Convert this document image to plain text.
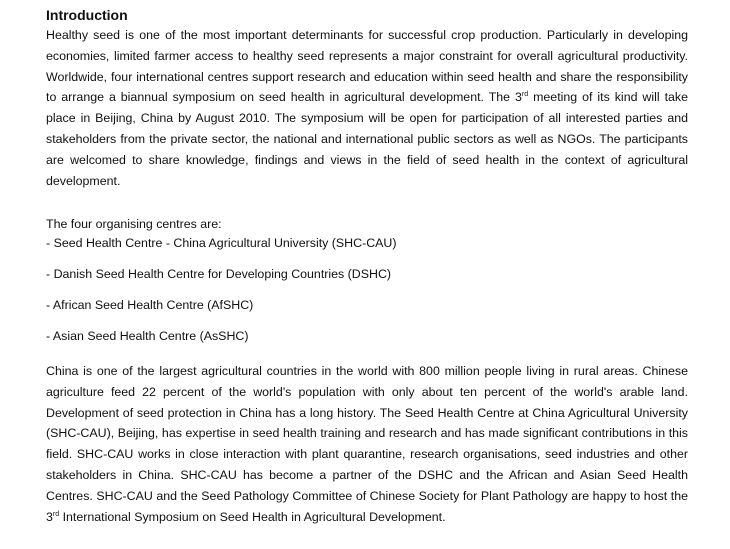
Introduction

Healthy seed is one of the most important determinants for successful crop production. Particularly in developing economies, limited farmer access to healthy seed represents a major constraint for overall agricultural productivity. Worldwide, four international centres support research and education within seed health and share the responsibility to arrange a biannual symposium on seed health in agricultural development. The 3rd meeting of its kind will take place in Beijing, China by August 2010. The symposium will be open for participation of all interested parties and stakeholders from the private sector, the national and international public sectors as well as NGOs. The participants are welcomed to share knowledge, findings and views in the field of seed health in the context of agricultural development.

The four organising centres are:
- Seed Health Centre - China Agricultural University (SHC-CAU)
- Danish Seed Health Centre for Developing Countries (DSHC)
- African Seed Health Centre (AfSHC)
- Asian Seed Health Centre (AsSHC)

China is one of the largest agricultural countries in the world with 800 million people living in rural areas. Chinese agriculture feed 22 percent of the world's population with only about ten percent of the world's arable land. Development of seed protection in China has a long history. The Seed Health Centre at China Agricultural University (SHC-CAU), Beijing, has expertise in seed health training and research and has made significant contributions in this field. SHC-CAU works in close interaction with plant quarantine, research organisations, seed industries and other stakeholders in China. SHC-CAU has become a partner of the DSHC and the African and Asian Seed Health Centres. SHC-CAU and the Seed Pathology Committee of Chinese Society for Plant Pathology are happy to host the 3rd International Symposium on Seed Health in Agricultural Development.
